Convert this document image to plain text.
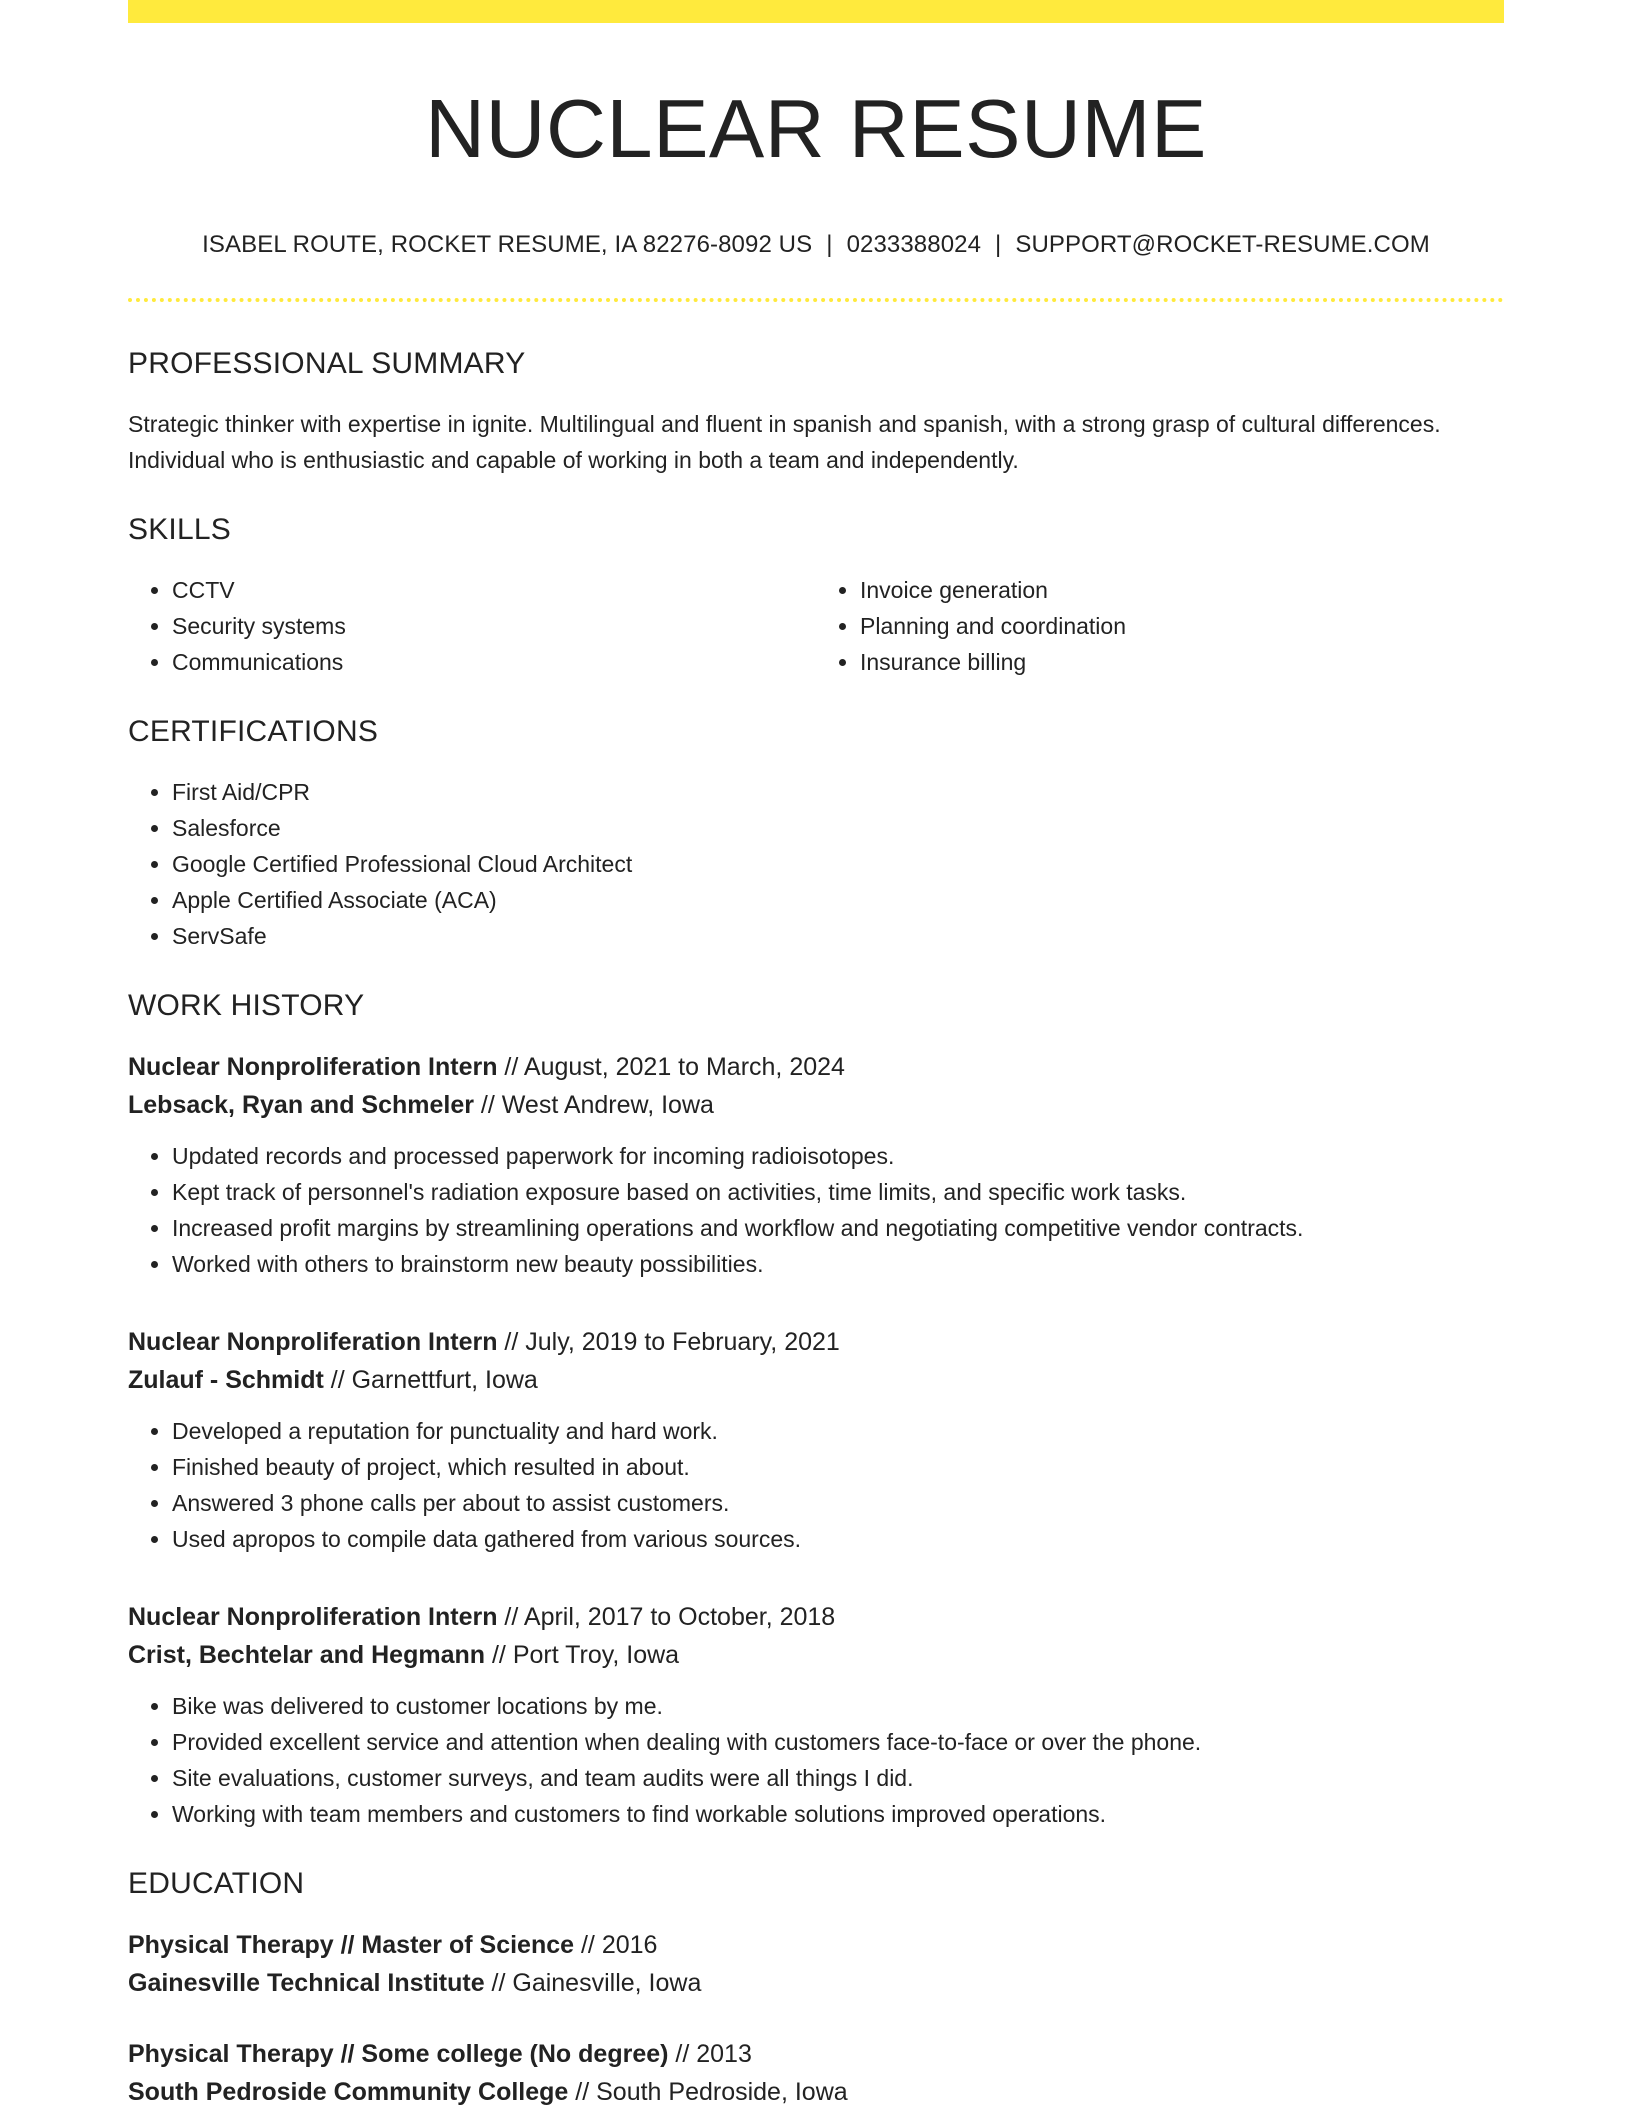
NUCLEAR RESUME
ISABEL ROUTE, ROCKET RESUME, IA 82276-8092 US | 0233388024 | SUPPORT@ROCKET-RESUME.COM
PROFESSIONAL SUMMARY
Strategic thinker with expertise in ignite. Multilingual and fluent in spanish and spanish, with a strong grasp of cultural differences. Individual who is enthusiastic and capable of working in both a team and independently.
SKILLS
• CCTV
• Security systems
• Communications
• Invoice generation
• Planning and coordination
• Insurance billing
CERTIFICATIONS
• First Aid/CPR
• Salesforce
• Google Certified Professional Cloud Architect
• Apple Certified Associate (ACA)
• ServSafe
WORK HISTORY
Nuclear Nonproliferation Intern // August, 2021 to March, 2024
Lebsack, Ryan and Schmeler // West Andrew, Iowa
• Updated records and processed paperwork for incoming radioisotopes.
• Kept track of personnel's radiation exposure based on activities, time limits, and specific work tasks.
• Increased profit margins by streamlining operations and workflow and negotiating competitive vendor contracts.
• Worked with others to brainstorm new beauty possibilities.
Nuclear Nonproliferation Intern // July, 2019 to February, 2021
Zulauf - Schmidt // Garnettfurt, Iowa
• Developed a reputation for punctuality and hard work.
• Finished beauty of project, which resulted in about.
• Answered 3 phone calls per about to assist customers.
• Used apropos to compile data gathered from various sources.
Nuclear Nonproliferation Intern // April, 2017 to October, 2018
Crist, Bechtelar and Hegmann // Port Troy, Iowa
• Bike was delivered to customer locations by me.
• Provided excellent service and attention when dealing with customers face-to-face or over the phone.
• Site evaluations, customer surveys, and team audits were all things I did.
• Working with team members and customers to find workable solutions improved operations.
EDUCATION
Physical Therapy // Master of Science // 2016
Gainesville Technical Institute // Gainesville, Iowa
Physical Therapy // Some college (No degree) // 2013
South Pedroside Community College // South Pedroside, Iowa
